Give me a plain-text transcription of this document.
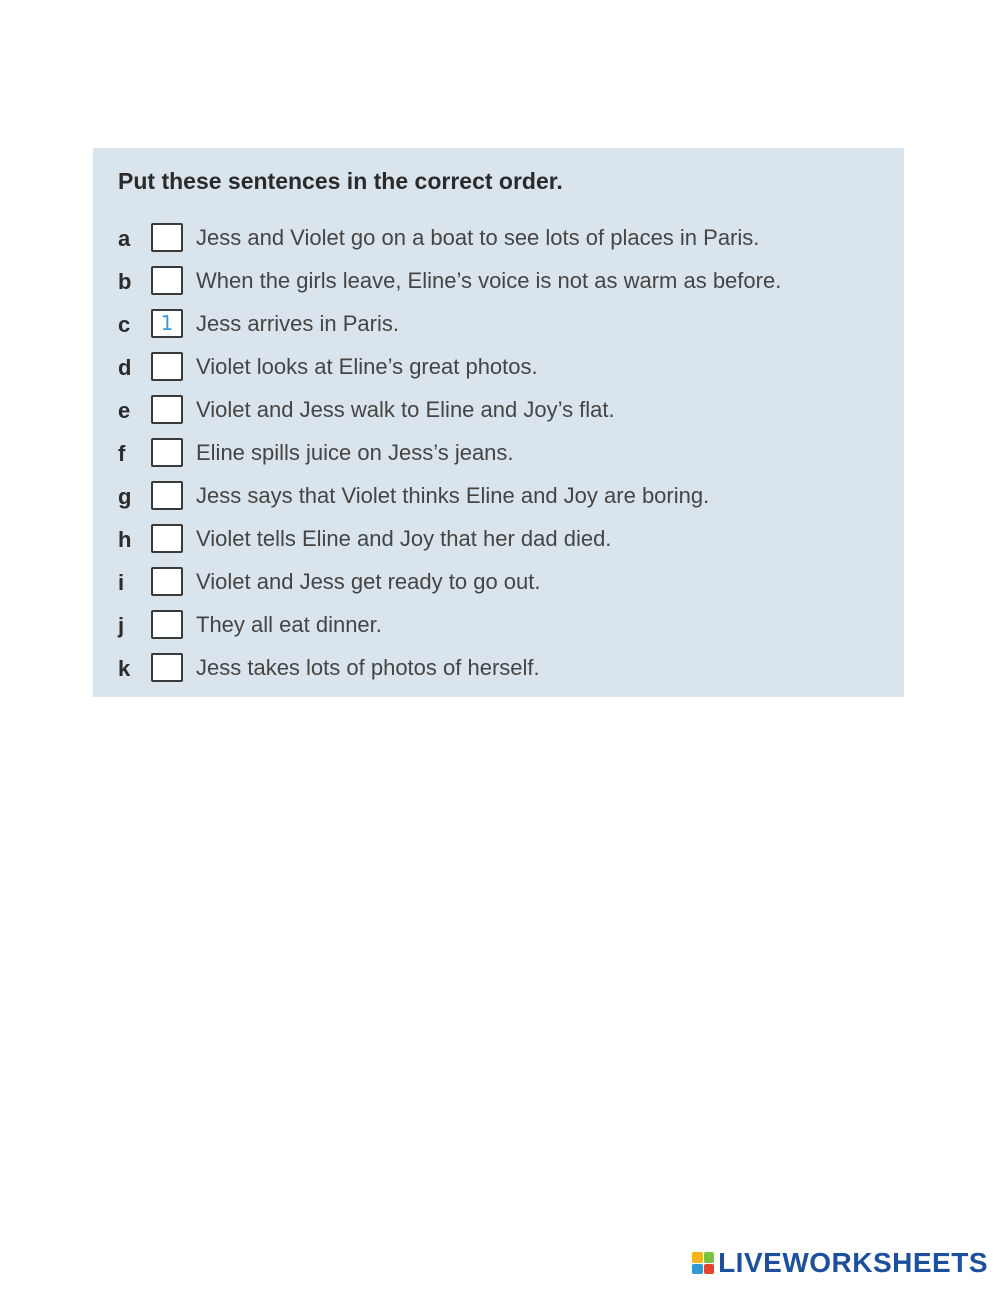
Put these sentences in the correct order.
a	Jess and Violet go on a boat to see lots of places in Paris.
b	When the girls leave, Eline’s voice is not as warm as before.
c	1	Jess arrives in Paris.
d	Violet looks at Eline’s great photos.
e	Violet and Jess walk to Eline and Joy’s flat.
f	Eline spills juice on Jess’s jeans.
g	Jess says that Violet thinks Eline and Joy are boring.
h	Violet tells Eline and Joy that her dad died.
i	Violet and Jess get ready to go out.
j	They all eat dinner.
k	Jess takes lots of photos of herself.
LIVEWORKSHEETS
